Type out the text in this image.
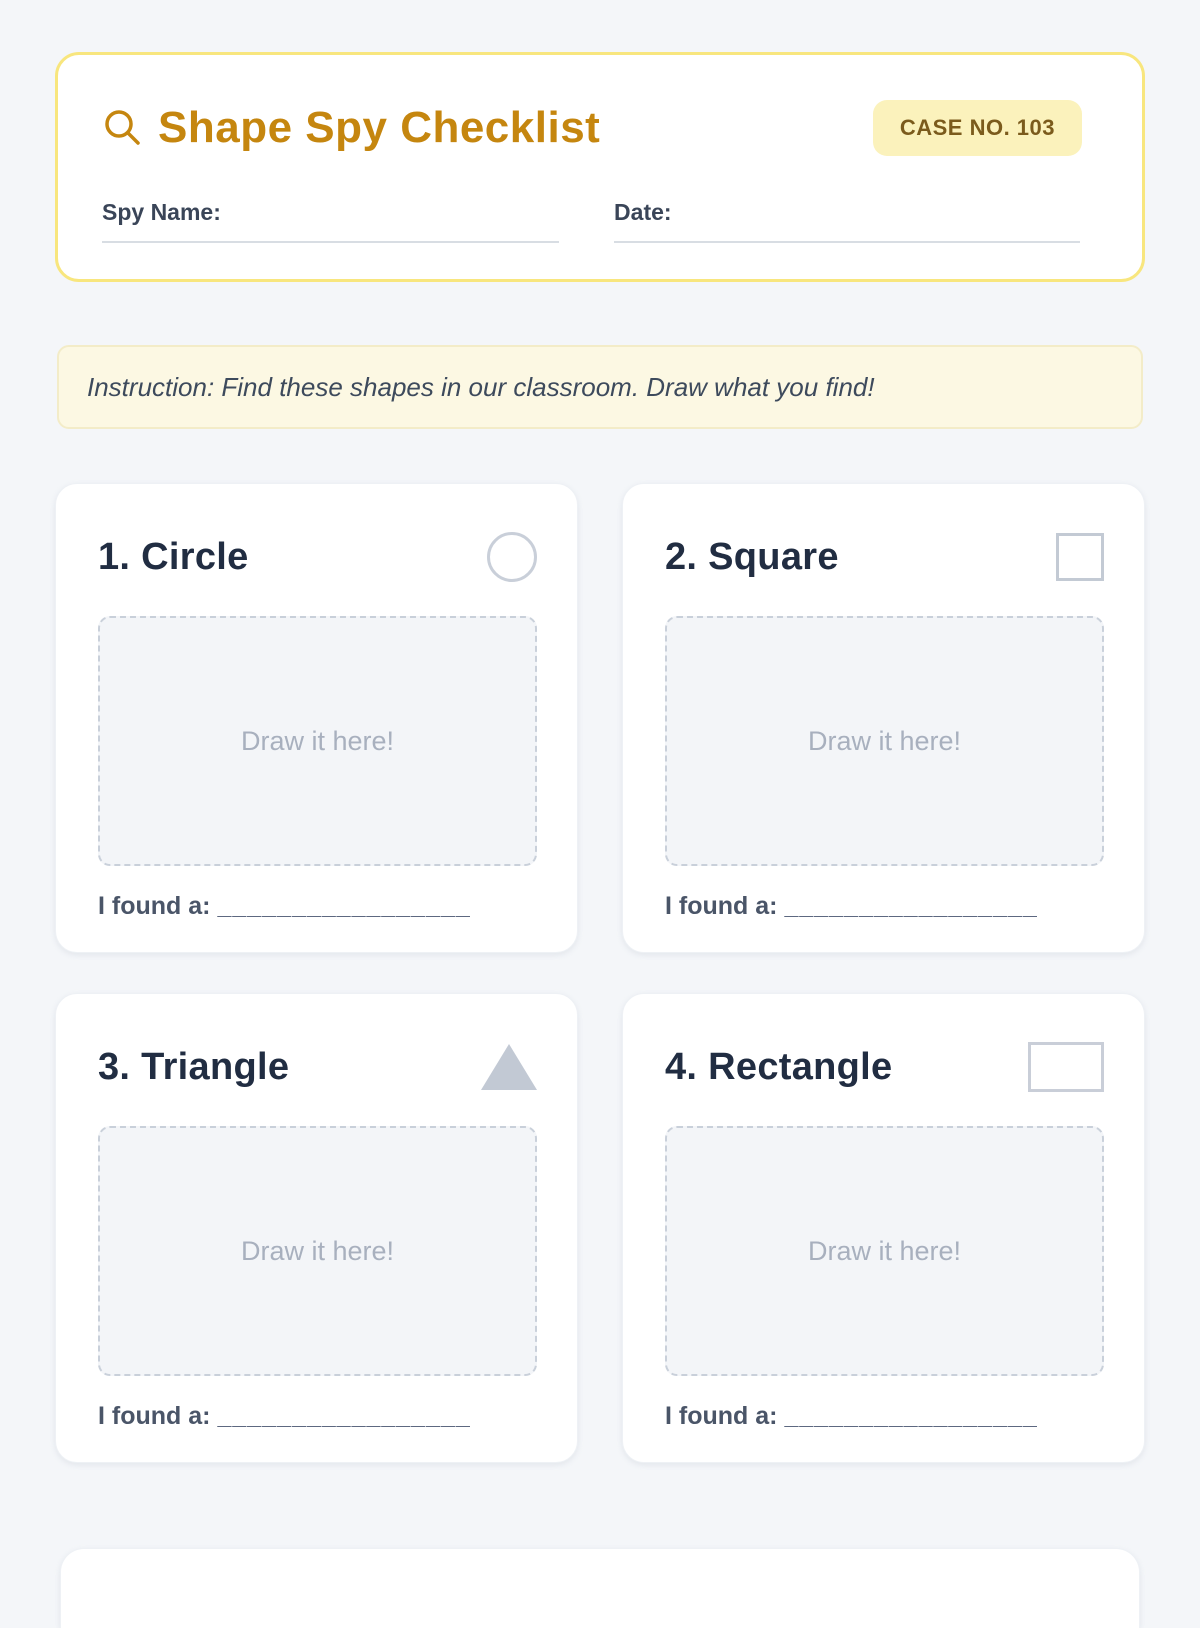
Shape Spy Checklist	CASE NO. 103
Spy Name:	Date:
Instruction: Find these shapes in our classroom. Draw what you find!
1. Circle
Draw it here!
I found a: _________________
2. Square
Draw it here!
I found a: _________________
3. Triangle
Draw it here!
I found a: _________________
4. Rectangle
Draw it here!
I found a: _________________
